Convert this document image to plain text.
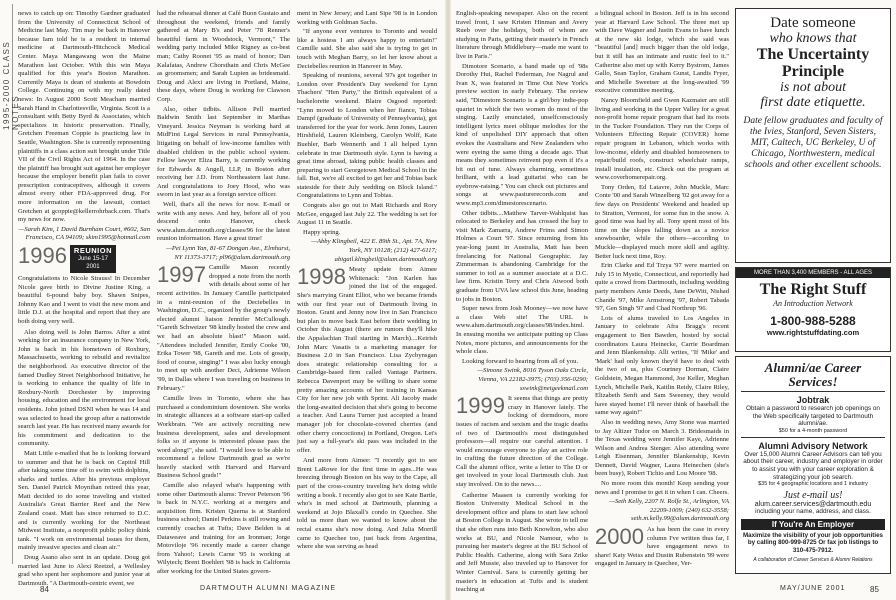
1995-2000 CLASS NOTES

news to catch up on: Timothy Gardner graduated from the University of Connecticut School of Medicine last May. Tim may be back in Hanover because Iam told he is a resident in internal medicine at Dartmouth-Hitchcock Medical Center. Maya Mangawang won the Maine Marathon last October. With this win Maya qualified for this year's Boston Marathon. Currently Maya is dean of students at Bowdoin College. Continuing on with my really dated news: In August 2000 Scott Meacham married Sarah Hand in Charlottesville, Virginia. Scott is a consultant with Betty Byrd & Associates, which specializes in historic preservation. Finally, Gretchen Freeman Coppie is practicing law in Seattle, Washington. She is currently representing plaintiffs in a class action suit brought under Title VII of the Civil Rights Act of 1964. In the case the plaintiff has brought suit against her employer because the employer benefit plan fails to cover prescription contraceptives, although it covers almost every other FDA-approved drug. For more information on the lawsuit, contact Gretchen at gcoppie@kellerrohrback.com. That's my news for now.

—Sarah Kim, 1 David Burnham Court, #602, San Francisco, CA 94109; skim1995@hotmail.com

1996 REUNION
June 15-17 2001

Congratulations to Nicole Strauss! In December Nicole gave birth to Divine Justine King, a beautiful 6-pound baby boy. Shawn Snipes, Johnny Kao and I went to visit the new mom and little D.J. at the hospital and report that they are both doing very well.

Also doing well is John Barros. After a stint working for an insurance company in New York, John is back in his hometown of Roxbury, Massachusetts, working to rebuild and revitalize the neighborhood. As executive director of the famed Dudley Street Neighborhood Initiative, he is working to enhance the quality of life in Roxbury-North Dorchester by improving housing, education and the environment for local residents. John joined DSNI when he was 14 and was selected to head the group after a nationwide search last year. He has received many awards for his commitment and dedication to the community.

Matt Little e-mailed that he is looking forward to summer and that he is back on Capitol Hill after taking some time off to swim with dolphins, sharks and turtles. After his previous employer Sen. Daniel Patrick Moynihan retired this year, Matt decided to do some traveling and visited Australia's Great Barrier Reef and the New Zealand coast. Matt has since returned to D.C. and is currently working for the Northeast Midwest Institute, a nonprofit public policy think tank. "I work on environmental issues for them, mainly invasive species and clean air."

Doug Asano also sent in an update. Doug got married last June to Alexi Reetzel, a Wellesley grad who spent her sophomore and junior year at Dartmouth. "A Dartmouth-centric event, we

had the rehearsal dinner at Café Buon Gustaio and throughout the weekend, friends and family gathered at Mary B's and Peter '78 Renner's beautiful farm in Woodstock, Vermont," The wedding party included Mike Rigney as co-best man; Cathy Roonet '95 as maid of honor; Dan Kalafatas, Andrew Chorsthain and Chris McGee as groomsmen; and Sarah Lupien as bridesmaid. Doug and Alexi are living in Portland, Maine, these days, where Doug is working for Clawson Corp.

Also, other tidbits. Allison Pell married Baldwin Smith last September in Marthas Vineyard. Jessica Neyman is working hard at MidFirst Legal Services in rural Pennsylvania, litigating on behalf of low-income families with disabled children in the public school system. Fellow lawyer Eliza Barry, is currently working for Edwards & Angell, LLP, in Boston after receiving her J.D. from Northeastern last June. And congratulations to Joey Hood, who was sworn in last year as a foreign service officer.

Well, that's all the news for now. E-mail or write with any news. And hey, before all of you descend onto Hanover, check www.alum.dartmouth.org/classes/96 for the latest reunion information. Have a great time!

—Pei Lynn Yan, 81-67 Dongan Ave., Elmhurst, NY 11373-3717; pl96@alum.dartmouth.org

1997 Camille Mason recently dropped a note from the north with details about some of her recent activities. In January Camille participated in a mini-reunion of the Deciebelles in Washington, D.C., organized by the group's newly elected alumni liaison Jennifer McCullough. "Gareth Schweizer '98 kindly hosted the crew and we had an absolute blast!" Mason said. "Attendees included Jennifer, Emily Cooke '00, Erika Tower '98, Gareth and me. Lots of gossip, food of course, singing!" I was also lucky enough to meet up with another Deci, Adrienne Wilson '99, in Dallas where I was traveling on business in February."

Camille lives in Toronto, where she has purchased a condominium downtown. She works in strategic alliances at a software start-up called Workbrain. "We are actively recruiting new business development, sales and development folks so if anyone is interested please pass the word along!", she said. "I would love to be able to recommend a fellow Dartmouth grad as we're heavily stacked with Harvard and Harvard Business School grads!"

Camille also relayed what's happening with some other Dartmouth alums: Trevor Peterson '96 is back in N.Y.C. working at a mergers and acquisition firm. Kristen Querna is at Stanford business school; Daniel Perkins is still rowing and currently coaches at Tufts; Dave Belden is at Dataweave and training for an Ironman; Jorge Motoviloje '96 recently made a career change from Yahoo!; Lewis Carne '95 is working at Wilytech; Brent Boehlert '98 is back in California after working for the United States govern-

ment in New Jersey; and Lani Sipe '98 is in London working with Goldman Sachs.

"If anyone ever ventures to Toronto and would like a hostess I am always happy to entertain!" Camille said. She also said she is trying to get in touch with Meghan Barry, so let her know about a Deciebelles reunion in Hanover in May.

Speaking of reunions, several '97s got together in London over President's Day weekend for Lynn Thachers' "Hen Party," the British equivalent of a bachelorette weekend. Blaire Osgood reported: "Lynn moved to London when her fiance, Tobias Dampf (graduate of University of Pennsylvania), got transferred for the year for work. Jenn Jones, Lauren Hirshfield, Lauren Kleinberg, Carolyn Wolff, Kate Buehler, Barb Wennerth and I all helped Lynn celebrate in true Dartmouth style. Lynn is having a great time abroad, taking public health classes and preparing to start Georgetown Medical School in the fall. But, we're all excited to get her and Tobias back stateside for their July wedding on Block Island." Congratulations to Lynn and Tobias.

Congrats also go out to Matt Richards and Rory McGee, engaged last July 22. The wedding is set for August 11 in Seattle.

Happy spring.

—Abby Klingbeil, 422 E. 89th St., Apt. 7A, New York, NY 10128; (212) 427-6117; abigail.klingbeil@alum.dartmouth.org

1998 Meaty update from Aimee Whitenack: "Jon Karlen has joined the list of the engaged. She's marrying Grant Elliot, who we became friends with our first year out of Dartmouth living in Boston. Grant and Jenny now live in San Francisco but plan to move back East before their wedding in October this August (there are rumors they'll hike the Appalachian Trail starting in March)....Keirish John Marc Vasatis is a marketing manager for Business 2.0 in San Francisco. Lisa Zycbynsgan does strategic relationship consulting for a Cambridge-based firm called Vantage Partners. Rebecca Davenport may be willing to share some pretty amazing accounts of her training in Kansas City for her new job with Sprint. Ali Jacoby made the long-awaited decision that she's going to become a teacher. And Laura Turner just accepted a brand manager job for chocolate-covered cherries (and other cherry concoctions) in Portland, Oregon. Let's just say a full-year's ski pass was included in the offer.

And more from Aimee: "I recently got to see Brent LaRowe for the first time in ages...He was breezing through Boston on his way to the Cape, all part of the cross-country traveling he's doing while writing a book. I recently also got to see Kate Bartle, who's in med school at Dartmouth, planning a weekend at Jojo Blaxall's condo in Quechee. She told us more than we wanted to know about the rectal exams she's now doing. And Julia Morrill came to Quechee too, just back from Argentina, where she was serving as head

English-speaking newspaper. Also on the recent travel front, I saw Kristen Hinman and Avery Rueb over the holidays, both of whom are studying in Paris, getting their master's in French literature through Middlebury—made me want to live in Paris."

Dimotore Scenario, a band made up of '98s Dorothy Hui, Rachel Federman, Joe Nagrul and Ivan X, was featured in Time Out New York's preview section in early February. The review said, "Dimestore Scenario is a girl/boy indie-pop quartet in which the two women do most of the singing. Lazily enunciated, unselfconsciously intelligent lyrics meet oblique melodies for the kind of unpolished DIY approach that often evokes the Australians and New Zealanders who were eyeing the same thing a decade ago. That means they sometimes reinvent pop even if it's a bit out of tune. Always charming, sometimes brilliant, with a lead guitarist who can be eyebrow-raising." You can check out pictures and songs at www.pasturerecords.com and www.mp3.com/dimestorescenario.

Other tidbits....Matthew Tarver-Wahlquist has relocated to Berkeley and has crossed the bay to visit Mark Zamarra, Andrew Frims and Simon Holmes a Court '97. Since returning from his year-long jaunt in Australia, Matt has been freelancing for National Geographic. Jay Zimmerman is abandoning Cambridge for the summer to toil as a summer associate at a D.C. law firm. Kristin Terry and Chris Atwood both graduate from UVA law school this June, heading to jobs in Boston.

Super news from Josh Mooney—we now have a class Web site! The URL is www.alum.dartmouth.org/classes/98/index.html. In ensuing months we anticipate putting up Class Notes, more pictures, and announcements for the whole class.

Looking forward to hearing from all of you.

—Simone Swink, 8016 Tyson Oaks Circle, Vienna, VA 22182-3975; (703) 356-0290; sswink@netgeekmail.com

1999 It seems that things are pretty crazy in Hanover lately. The locking of dormdoors, more issues of racism and sexism and the tragic deaths of two of Dartmouth's most distinguished professors—all require our careful attention. I would encourage everyone to play an active role in crafting the future direction of the College. Call the alumni office, write a letter to The D or get involved in your local Dartmouth club. Just stay involved. On to the news....

Catherine Maasen is currently working for Boston University Medical School in the development office and plans to start law school at Boston College in August. She wrote to tell me that she often runs into Beth Knowlton, who also works at BU, and Nicole Namour, who is pursuing her master's degree at the BU School of Public Health. Catherine, along with Sara Zrike and Jeff Mussie, also traveled up to Hanover for Winter Carnival. Sara is currently getting her master's in education at Tufts and is student teaching at

a bilingual school in Boston. Jeff is in his second year at Harvard Law School. The three met up with Dave Wagner and Justin Evans to have lunch at the new ski lodge, which she said was "beautiful [and] much bigger than the old lodge, but it still has an intimate and rustic feel to it." Catherine also met up with Kerry Bystrom, James Gallo, Sean Taylor, Graham Gunst, Landis Fryer, and Michelle Sweetser at the long-awaited '99 executive committee meeting.

Nancy Bloomfield and Gwen Kazmaier are still living and working in the Upper Valley for a great non-profit home repair program that had its roots in the Tucker Foundation. They run the Corps of Volunteers Effecting Repair (COVER) home repair program in Lebanon, which works with low-income, elderly and disabled homeowners to repair/build roofs, construct wheelchair ramps, install insulation, etc. Check out the program at www.coverhomerepair.org.

Tony Orden, Ed Latavre, John Muckle, Marc Conte '00 and Sarah Winzelberg '02 got away for a few days on Presidents' Weekend and headed up to Stratton, Vermont, for some fun in the snow. A good time was had by all. Tony spent most of his time on the slopes falling down as a novice snowboarder, while the others—according to Muckle—displayed much more skill and agility. Better luck next time, Roy.

Erin Clarke and Ed Trzya '97 were married on July 15 in Mystic, Connecticut, and reportedly had quite a crowd from Dartmouth, including wedding party members Amie Deeds, Jane DeWitt, Nishad Chande '97, Mike Armstrong '97, Robert Tabada '97, Gen Singh '97 and Chad Northrup '96.

Lots of alums traveled to Los Angeles in January to celebrate Afra Bragg's recent engagement to Ben Bawden, hosted by social coordinators Laura Heinecke, Carrie Boardman and Jenn Blankenship. Alli writes, "If 'Mike' and 'Mark' had only known they'd have to deal with the two of us, plus Courtney Dorman, Claire Goldstein, Megan Hammond, Joe Keller, Meghan Lynch, Michelle Park, Kaitlin Reidy, Claire Riley, Elizabeth Senft and Sam Sweeney, they would have stayed home! I'll never think of baseball the same way again!"

Also in wedding news, Amy Stone was married to Jay Altizer Tudor on March 3. Bridesmaids in the Texas wedding were Jennifer Kaye, Adrienne Wilson and Andrea Stenger. Also attending were Leigh Eisenman, Jennifer Blankenship, Kevin Dennett, David Wagner, Laura Heinechen (she's been busy), Robert Tichio and Lou Moore '98.

No more room this month! Keep sending your news and I promise to get it in when I can. Cheers.

—Seth Kelly, 2207 N. Rolfe St., Arlington, VA 22209-1009; (240) 632-3558; seth.m.kelly.99@alum.dartmouth.org

2000 As has been the case in every column I've written thus far, I have engagement news to share! Katy Weiss and Dustin Rubenstein '99 were engaged in January in Quechee, Ver-

Date someone
who knows that
The Uncertainty Principle
is not about
first date etiquette.
Date fellow graduates and faculty of the Ivies, Stanford, Seven Sisters, MIT, Caltech, UC Berkeley, U of Chicago, Northwestern, medical schools and other excellent schools.
MORE THAN 3,400 MEMBERS - ALL AGES
The Right Stuff
An Introduction Network
1-800-988-5288
www.rightstuffdating.com
Alumni/ae Career Services!
Jobtrak
Obtain a password to research job openings on the Web specifically targeted to Dartmouth alumni/ae.
$50 for a 4-month password
Alumni Advisory Network
Over 15,000 Alumni Career Advisors can tell you about their career, industry and employer in order to assist you with your career exploration & strategizing your job search.
$35 for 4 geographic locations and 1 industry
Just e-mail us!
alum.career.services@dartmouth.edu
including your name, address, and class.
If You're An Employer
Maximize the visibility of your job opportunities by calling 800-999-8725 Or fax job listings to 310-475-7912.
A collaboration of Career Services & Alumni Relations
84	DARTMOUTH ALUMNI MAGAZINE	MAY/JUNE 2001	85
